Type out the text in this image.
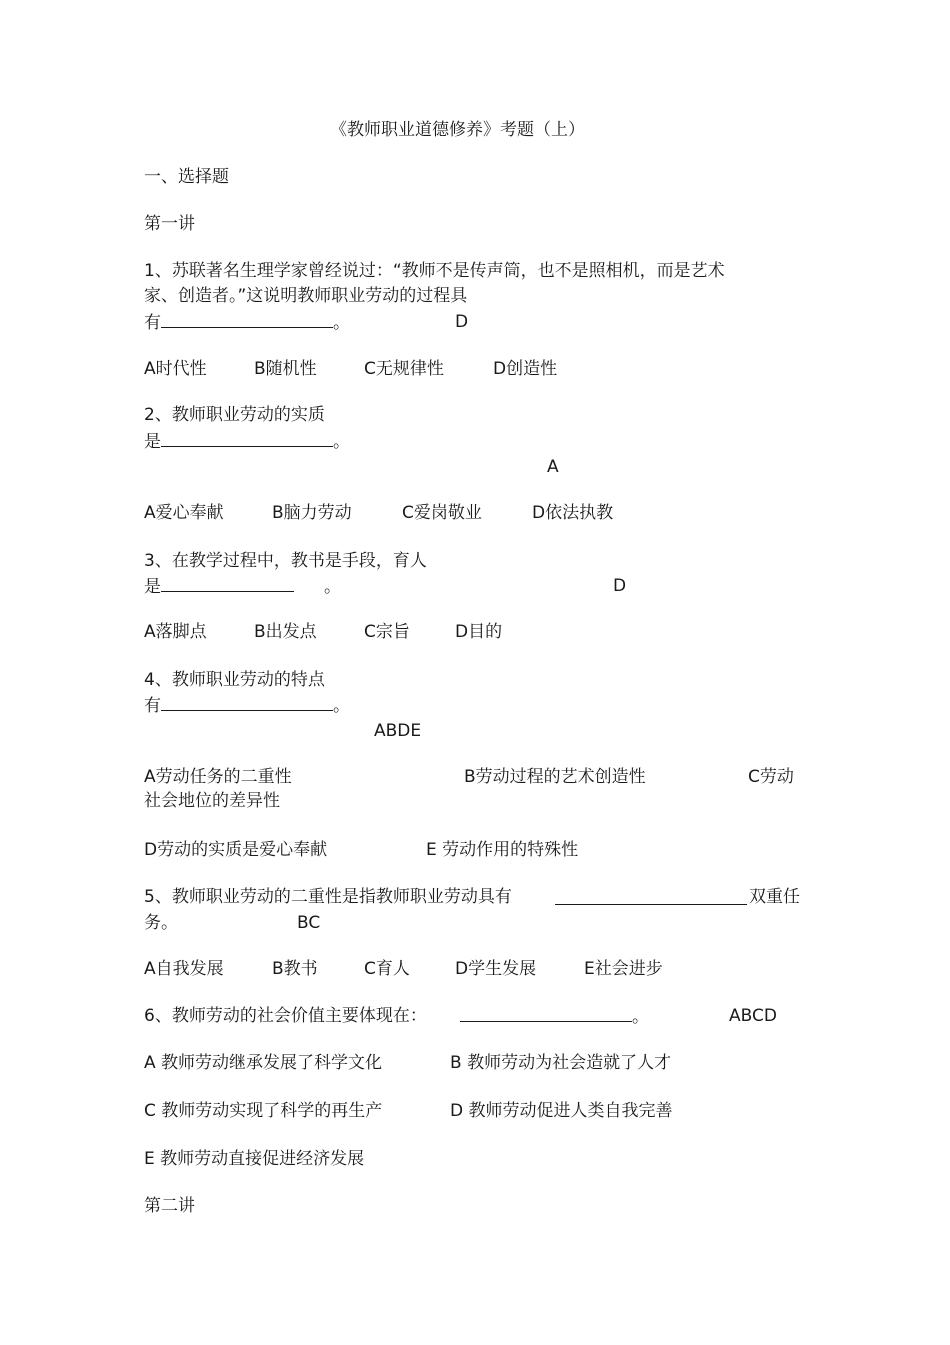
《教师职业道德修养》考题（上）
一、选择题
第一讲
1、苏联著名生理学家曾经说过：“教师不是传声筒，也不是照相机，而是艺术
家、创造者。”这说明教师职业劳动的过程具
有	。	D
A时代性	B随机性	C无规律性	D创造性
2、教师职业劳动的实质
是	。
A
A爱心奉献	B脑力劳动	C爱岗敬业	D依法执教
3、在教学过程中，教书是手段，育人
是	。	D
A落脚点	B出发点	C宗旨	D目的
4、教师职业劳动的特点
有	。
ABDE
A劳动任务的二重性	B劳动过程的艺术创造性	C劳动
社会地位的差异性
D劳动的实质是爱心奉献	E 劳动作用的特殊性
5、教师职业劳动的二重性是指教师职业劳动具有	双重任
务。	BC
A自我发展	B教书	C育人	D学生发展	E社会进步
6、教师劳动的社会价值主要体现在：	。	ABCD
A 教师劳动继承发展了科学文化	B 教师劳动为社会造就了人才
C 教师劳动实现了科学的再生产	D 教师劳动促进人类自我完善
E 教师劳动直接促进经济发展
第二讲
